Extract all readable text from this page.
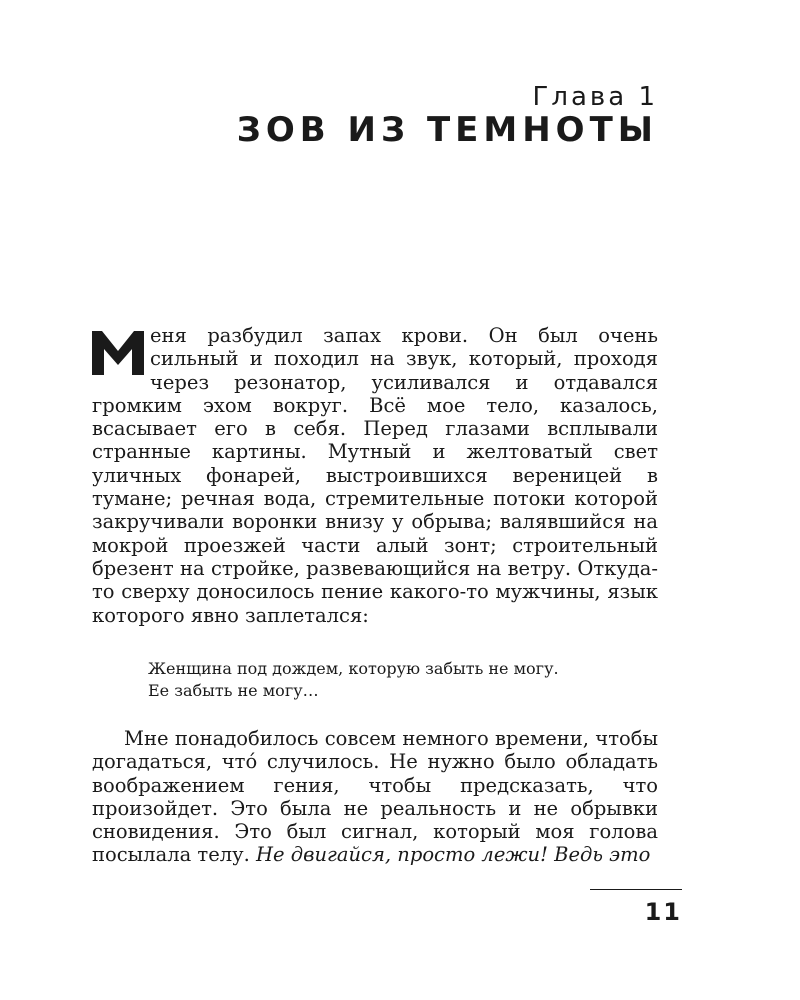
Глава 1
ЗОВ ИЗ ТЕМНОТЫ

еня разбудил запах крови. Он был очень сильный и походил на звук, который, проходя через резонатор, усиливался и отдавался громким эхом вокруг. Всё мое тело, казалось, всасывает его в себя. Перед глазами всплывали странные картины. Мутный и желтоватый свет уличных фонарей, выстроившихся вереницей в тумане; речная вода, стремительные потоки которой закручивали воронки внизу у обрыва; валявшийся на мокрой проезжей части алый зонт; строительный брезент на стройке, развевающийся на ветру. Откуда-то сверху доносилось пение какого-то мужчины, язык которого явно заплетался:

Женщина под дождем, которую забыть не могу.
Ее забыть не могу…

Мне понадобилось совсем немного времени, чтобы догадаться, что́ случилось. Не нужно было обладать воображением гения, чтобы предсказать, что произойдет. Это была не реальность и не обрывки сновидения. Это был сигнал, который моя голова посылала телу. Не двигайся, просто лежи! Ведь это

11
